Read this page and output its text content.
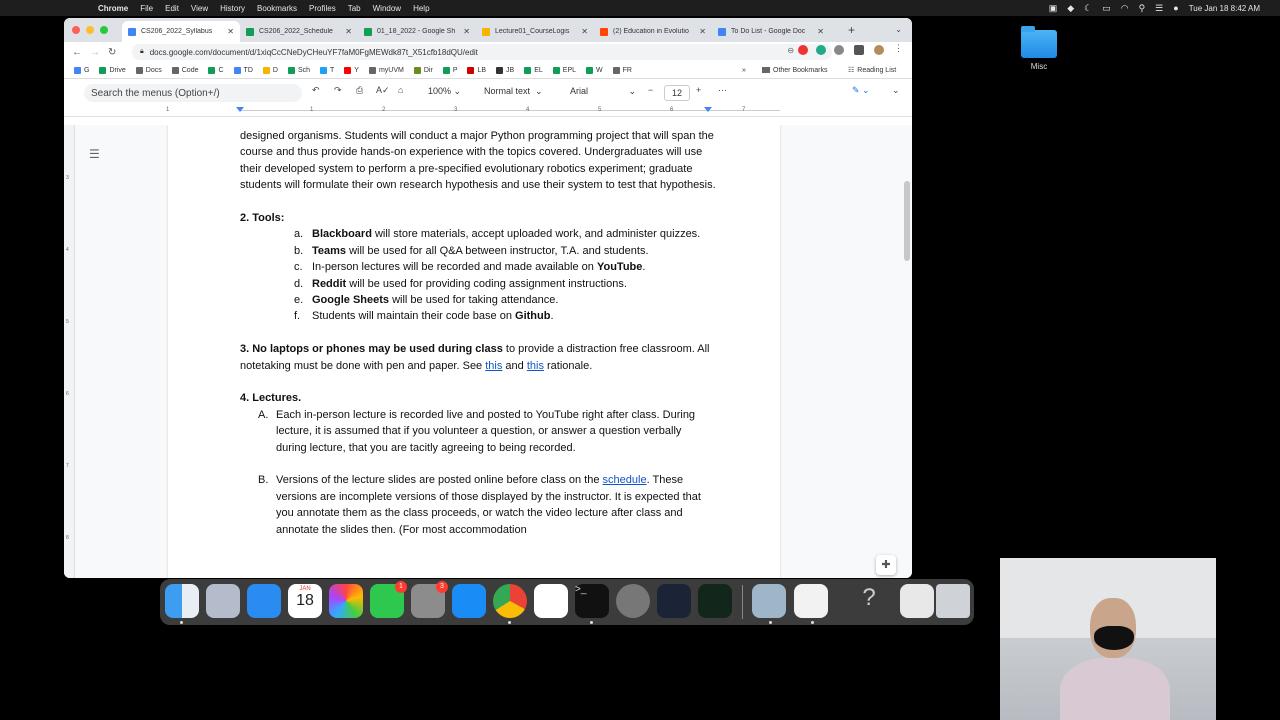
Chrome File Edit View History Bookmarks Profiles Tab Window Help	▣ ◆ ☾ ▭ ◠ ⚲ ☰ ● Tue Jan 18 8:42 AM
Misc
CS206_2022_Syllabus	✕	CS206_2022_Schedule	✕	01_18_2022 - Google Sh	✕	Lecture01_CourseLogis	✕	(2) Education in Evolutio	✕	To Do List - Google Doc	✕ +	⌄
← → ↻	🔒︎ docs.google.com/document/d/1xiqCcCNeDyCHeuYF7faM0FgMEWdk87t_X51cfb18dQU/edit	⊖	⋮
G	Drive	Docs	Code	C	TD	D	Sch	T	Y	myUVM	Dir	P	LB	JB	EL	EPL	W	FR	»	Other Bookmarks	☷ Reading List
Search the menus (Option+/)	↶ ↷ ⎙ A✓ ⌂	100% ⌄	Normal text  ⌄	Arial	⌄ −	12	+ ⋯	✎ ⌄ ⌄
1	1	2	3	4	5	6	7
3
4
5
6
7
8
☰

designed organisms. Students will conduct a major Python programming project that will span the course and thus provide hands-on experience with the topics covered. Undergraduates will use their developed system to perform a pre-specified evolutionary robotics experiment; graduate students will formulate their own research hypothesis and use their system to test that hypothesis.

2. Tools:

a. Blackboard will store materials, accept uploaded work, and administer quizzes.
b. Teams will be used for all Q&A between instructor, T.A. and students.
c. In-person lectures will be recorded and made available on YouTube.
d. Reddit will be used for providing coding assignment instructions.
e. Google Sheets will be used for taking attendance.
f. Students will maintain their code base on Github.

3. No laptops or phones may be used during class to provide a distraction free classroom. All notetaking must be done with pen and paper. See this and this rationale.

4. Lectures.

A. Each in-person lecture is recorded live and posted to YouTube right after class. During lecture, it is assumed that if you volunteer a question, or answer a question verbally during lecture, that you are tacitly agreeing to being recorded.
B. Versions of the lecture slides are posted online before class on the schedule. These versions are incomplete versions of those displayed by the instructor. It is expected that you annotate them as the class proceeds, or watch the video lecture after class and annotate the slides then. (For most accommodation
✚
JAN
18
1	3	>_	?
